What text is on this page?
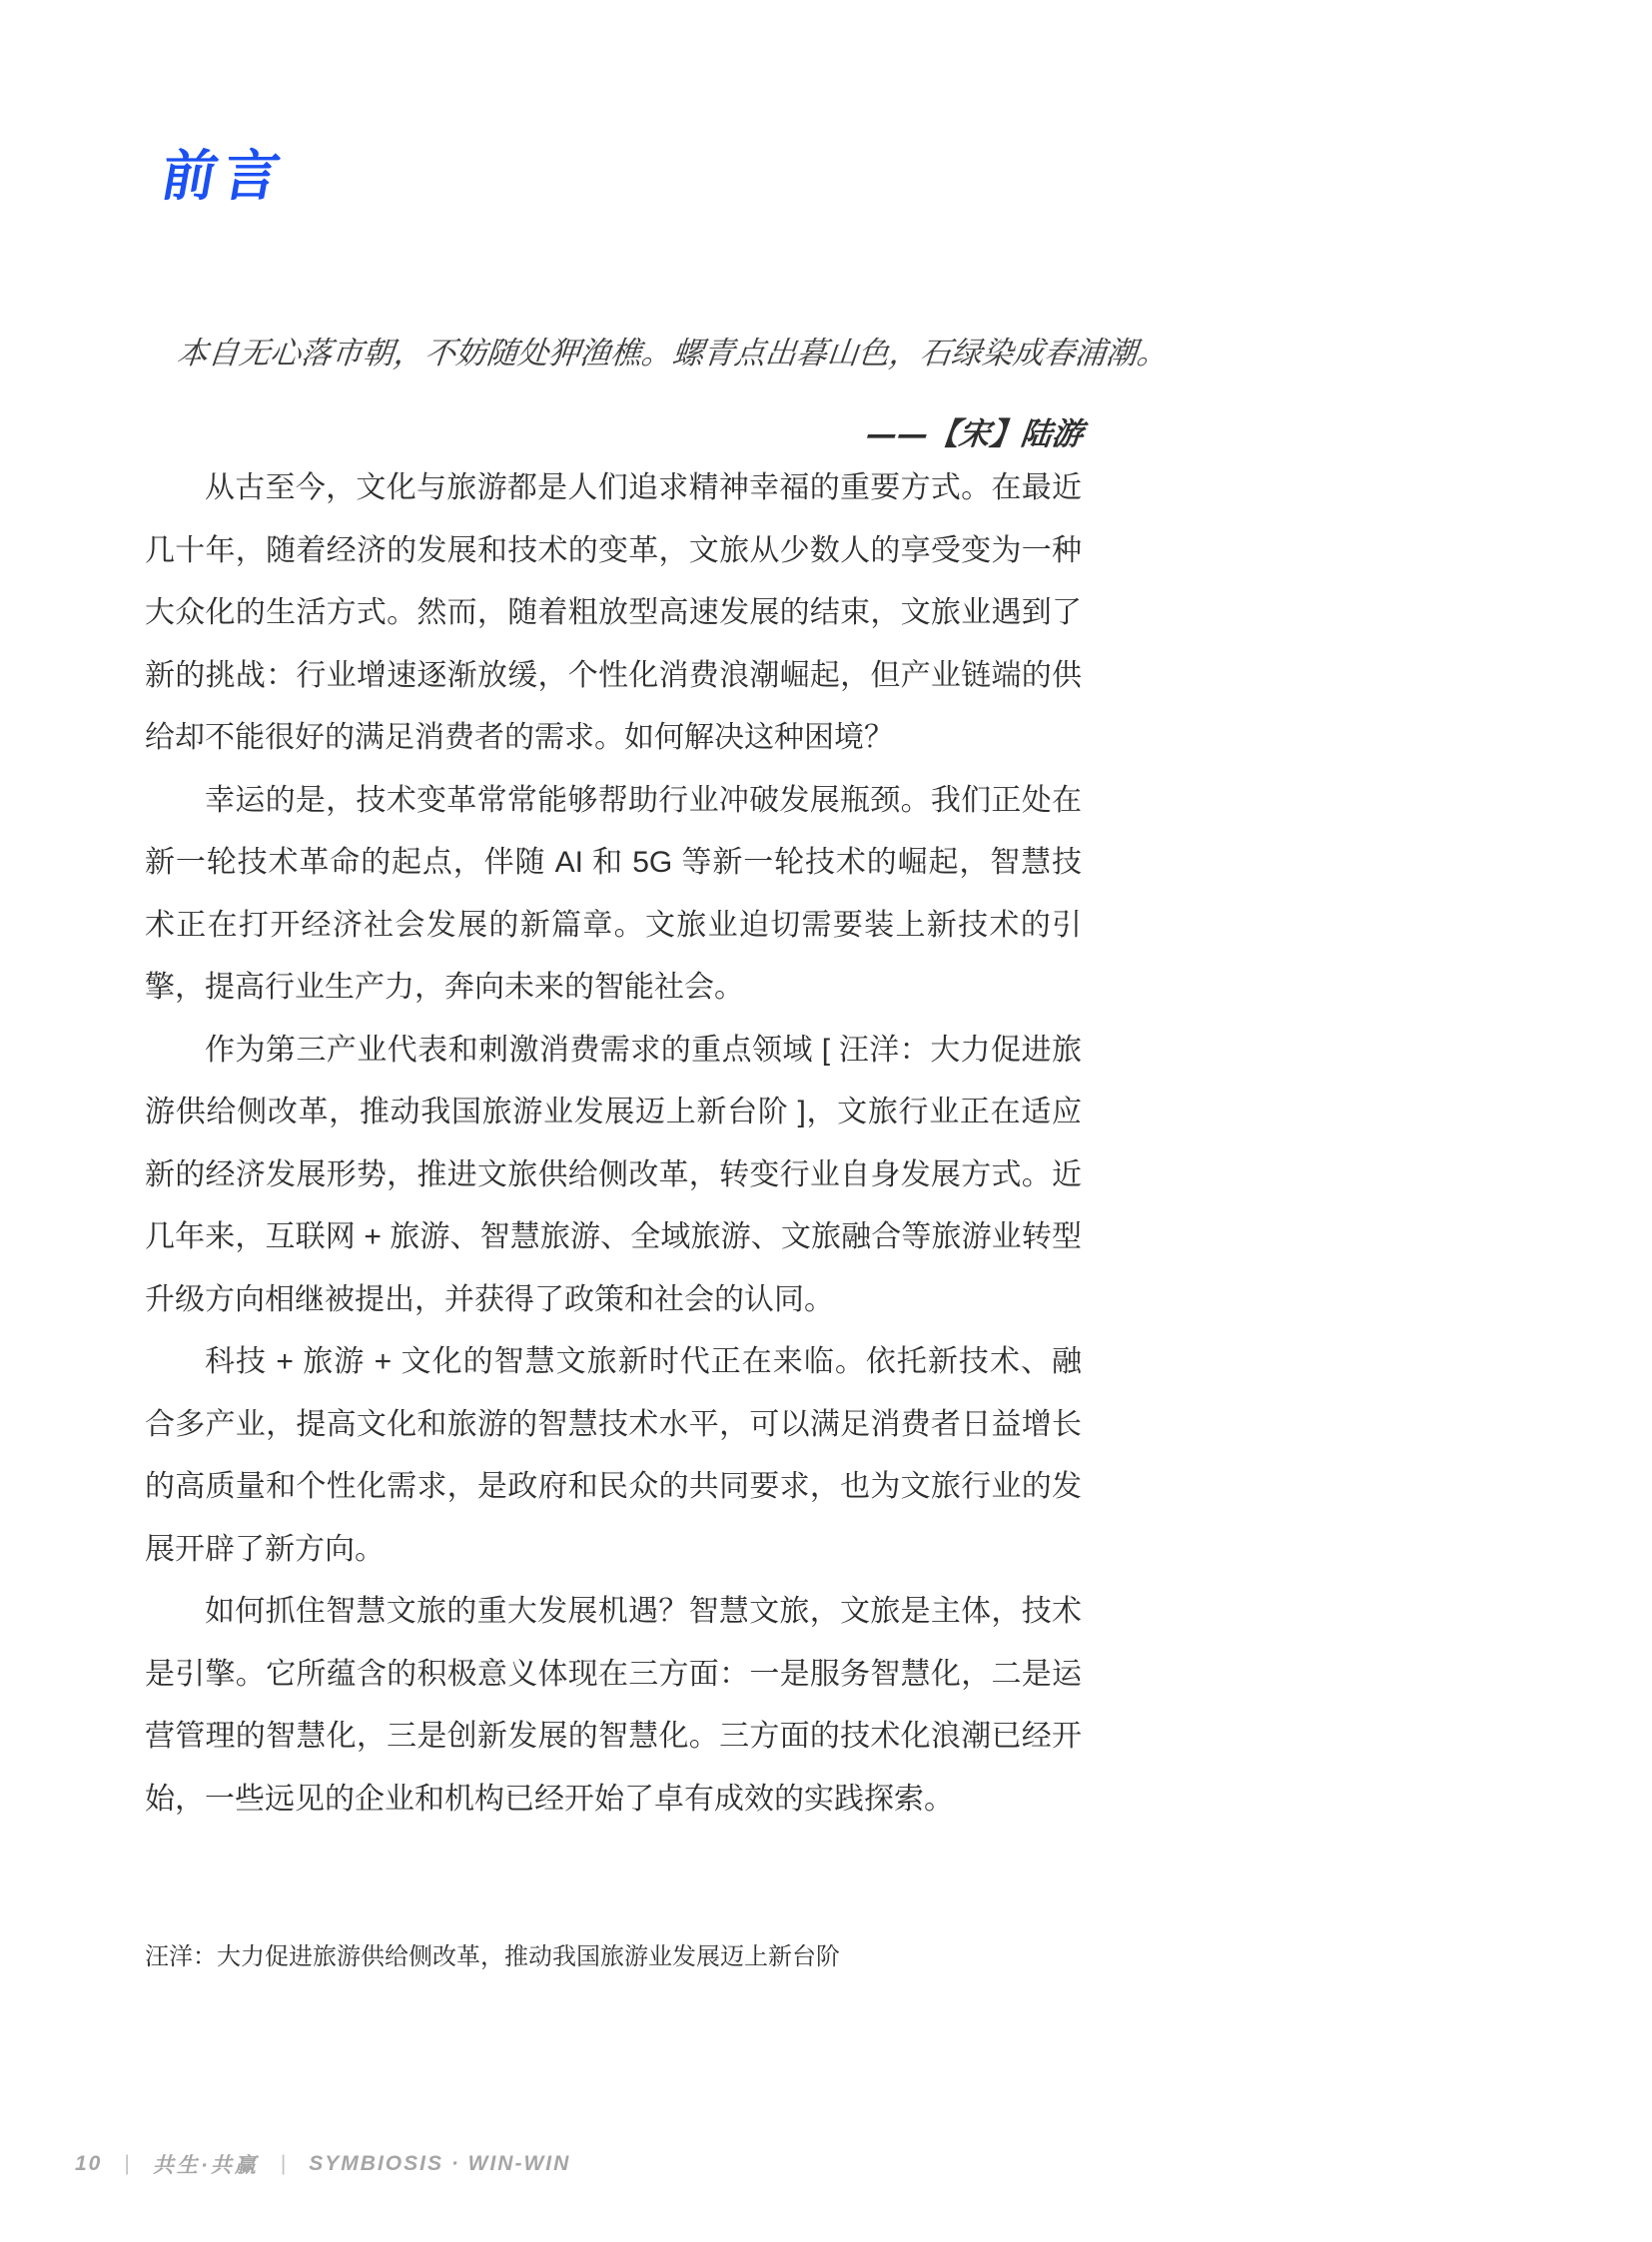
前言
本自无心落市朝，不妨随处狎渔樵。螺青点出暮山色，石绿染成春浦潮。
——【宋】陆游

从古至今，文化与旅游都是人们追求精神幸福的重要方式。在最近几十年，随着经济的发展和技术的变革，文旅从少数人的享受变为一种大众化的生活方式。然而，随着粗放型高速发展的结束，文旅业遇到了新的挑战：行业增速逐渐放缓，个性化消费浪潮崛起，但产业链端的供给却不能很好的满足消费者的需求。如何解决这种困境？

幸运的是，技术变革常常能够帮助行业冲破发展瓶颈。我们正处在新一轮技术革命的起点，伴随 AI 和 5G 等新一轮技术的崛起，智慧技术正在打开经济社会发展的新篇章。文旅业迫切需要装上新技术的引擎，提高行业生产力，奔向未来的智能社会。

作为第三产业代表和刺激消费需求的重点领域 [ 汪洋：大力促进旅游供给侧改革，推动我国旅游业发展迈上新台阶 ]，文旅行业正在适应新的经济发展形势，推进文旅供给侧改革，转变行业自身发展方式。近几年来，互联网 + 旅游、智慧旅游、全域旅游、文旅融合等旅游业转型升级方向相继被提出，并获得了政策和社会的认同。

科技 + 旅游 + 文化的智慧文旅新时代正在来临。依托新技术、融合多产业，提高文化和旅游的智慧技术水平，可以满足消费者日益增长的高质量和个性化需求，是政府和民众的共同要求，也为文旅行业的发展开辟了新方向。

如何抓住智慧文旅的重大发展机遇？智慧文旅，文旅是主体，技术是引擎。它所蕴含的积极意义体现在三方面：一是服务智慧化，二是运营管理的智慧化，三是创新发展的智慧化。三方面的技术化浪潮已经开始，一些远见的企业和机构已经开始了卓有成效的实践探索。

汪洋：大力促进旅游供给侧改革，推动我国旅游业发展迈上新台阶
10 | 共生·共赢 | SYMBIOSIS · WIN-WIN
